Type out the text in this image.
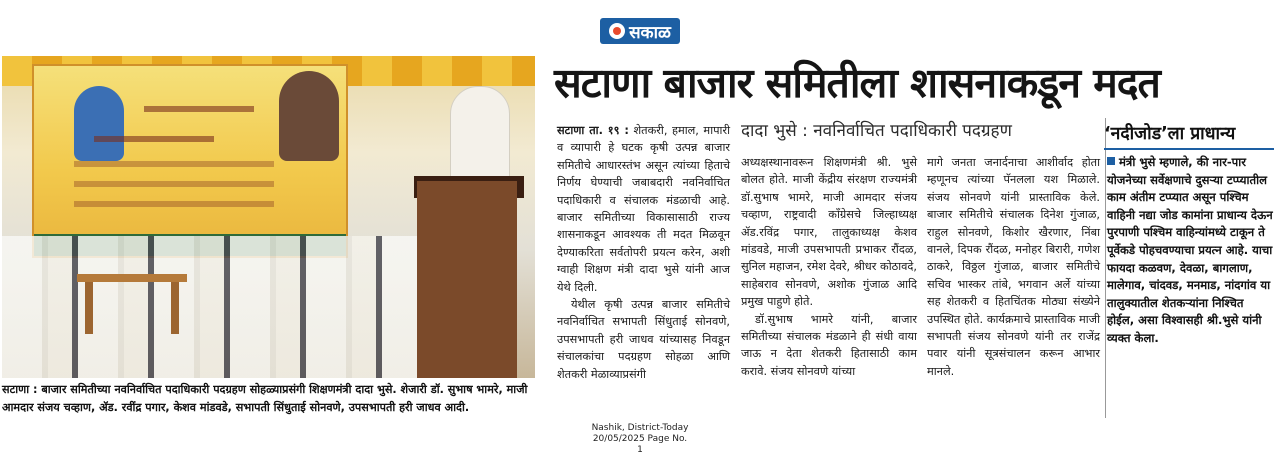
सकाळ
सटाणा : बाजार समितीच्या नवनिर्वाचित पदाधिकारी पदग्रहण सोहळ्याप्रसंगी शिक्षणमंत्री दादा भुसे. शेजारी डॉ. सुभाष भामरे, माजी आमदार संजय चव्हाण, ॲड. रवींद्र पगार, केशव मांडवडे, सभापती सिंधुताई सोनवणे, उपसभापती हरी जाधव आदी.
सटाणा बाजार समितीला शासनाकडून मदत
दादा भुसे : नवनिर्वाचित पदाधिकारी पदग्रहण

सटाणा ता. १९ : शेतकरी, हमाल, मापारी व व्यापारी हे घटक कृषी उत्पन्न बाजार समितीचे आधारस्तंभ असून त्यांच्या हिताचे निर्णय घेण्याची जबाबदारी नवनिर्वाचित पदाधिकारी व संचालक मंडळाची आहे. बाजार समितीच्या विकासासाठी राज्य शासनाकडून आवश्यक ती मदत मिळवून देण्याकरिता सर्वतोपरी प्रयत्न करेन, अशी ग्वाही शिक्षण मंत्री दादा भुसे यांनी आज येथे दिली.

येथील कृषी उत्पन्न बाजार समितीचे नवनिर्वाचित सभापती सिंधुताई सोनवणे, उपसभापती हरी जाधव यांच्यासह निवडून संचालकांचा पदग्रहण सोहळा आणि शेतकरी मेळाव्याप्रसंगी

अध्यक्षस्थानावरून शिक्षणमंत्री श्री. भुसे बोलत होते. माजी केंद्रीय संरक्षण राज्यमंत्री डॉ.सुभाष भामरे, माजी आमदार संजय चव्हाण, राष्ट्रवादी काँग्रेसचे जिल्हाध्यक्ष ॲड.रविंद्र पगार, तालुकाध्यक्ष केशव मांडवडे, माजी उपसभापती प्रभाकर रौंदळ, सुनिल महाजन, रमेश देवरे, श्रीधर कोठावदे, साहेबराव सोनवणे, अशोक गुंजाळ आदि प्रमुख पाहुणे होते.

डॉ.सुभाष भामरे यांनी, बाजार समितीच्या संचालक मंडळाने ही संधी वाया जाऊ न देता शेतकरी हितासाठी काम करावे. संजय सोनवणे यांच्या

मागे जनता जनार्दनाचा आशीर्वाद होता म्हणूनच त्यांच्या पॅनलला यश मिळाले. संजय सोनवणे यांनी प्रास्ताविक केले. बाजार समितीचे संचालक दिनेश गुंजाळ, राहुल सोनवणे, किशोर खैरणार, निंबा वानले, दिपक रौंदळ, मनोहर बिरारी, गणेश ठाकरे, विठ्ठल गुंजाळ, बाजार समितीचे सचिव भास्कर तांबे, भगवान अर्ले यांच्या सह शेतकरी व हितचिंतक मोठ्या संख्येने उपस्थित होते. कार्यक्रमाचे प्रास्ताविक माजी सभापती संजय सोनवणे यांनी तर राजेंद्र पवार यांनी सूत्रसंचालन करून आभार मानले.

‘नदीजोड’ला प्राधान्य
मंत्री भुसे म्हणाले, की नार-पार योजनेच्या सर्वेक्षणाचे दुसऱ्या टप्प्यातील काम अंतीम टप्प्यात असून पश्चिम वाहिनी नद्या जोड कामांना प्राधान्य देऊन पुरपाणी पश्चिम वाहिन्यांमध्ये टाकून ते पूर्वेकडे पोहचवण्याचा प्रयत्न आहे. याचा फायदा कळवण, देवळा, बागलाण, मालेगाव, चांदवड, मनमाड, नांदगांव या तालुक्यातील शेतकऱ्यांना निश्चित होईल, असा विश्वासही श्री.भुसे यांनी व्यक्त केला.
Nashik, District-Today
20/05/2025 Page No. 1
